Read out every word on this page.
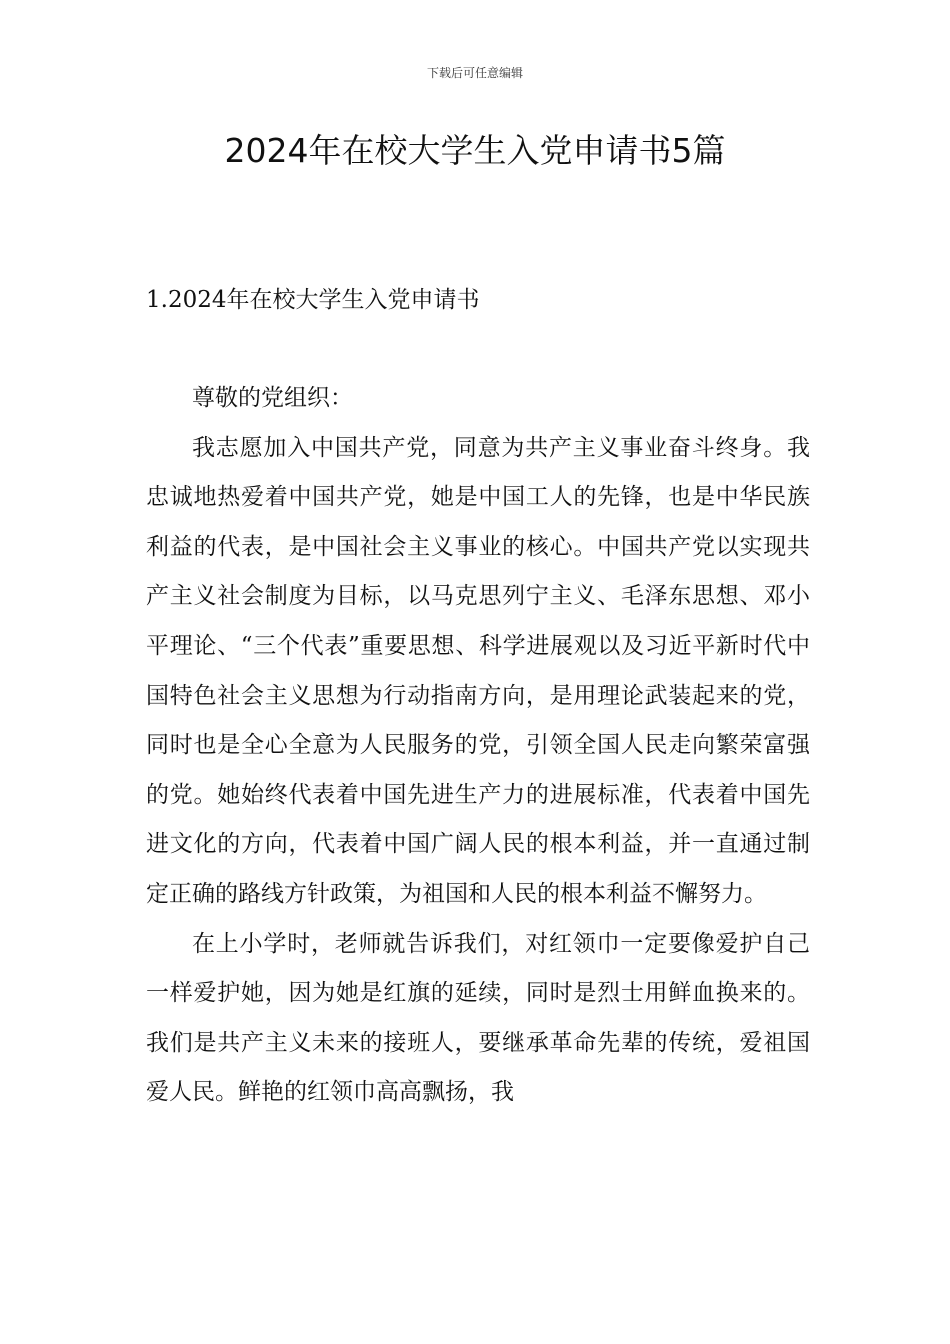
下载后可任意编辑
2024年在校大学生入党申请书5篇
1.2024年在校大学生入党申请书

尊敬的党组织：

我志愿加入中国共产党，同意为共产主义事业奋斗终身。我忠诚地热爱着中国共产党，她是中国工人的先锋，也是中华民族利益的代表，是中国社会主义事业的核心。中国共产党以实现共产主义社会制度为目标，以马克思列宁主义、毛泽东思想、邓小平理论、“三个代表”重要思想、科学进展观以及习近平新时代中国特色社会主义思想为行动指南方向，是用理论武装起来的党，同时也是全心全意为人民服务的党，引领全国人民走向繁荣富强的党。她始终代表着中国先进生产力的进展标准，代表着中国先进文化的方向，代表着中国广阔人民的根本利益，并一直通过制定正确的路线方针政策，为祖国和人民的根本利益不懈努力。

在上小学时，老师就告诉我们，对红领巾一定要像爱护自己一样爱护她，因为她是红旗的延续，同时是烈士用鲜血换来的。我们是共产主义未来的接班人，要继承革命先辈的传统，爱祖国爱人民。鲜艳的红领巾高高飘扬，我
